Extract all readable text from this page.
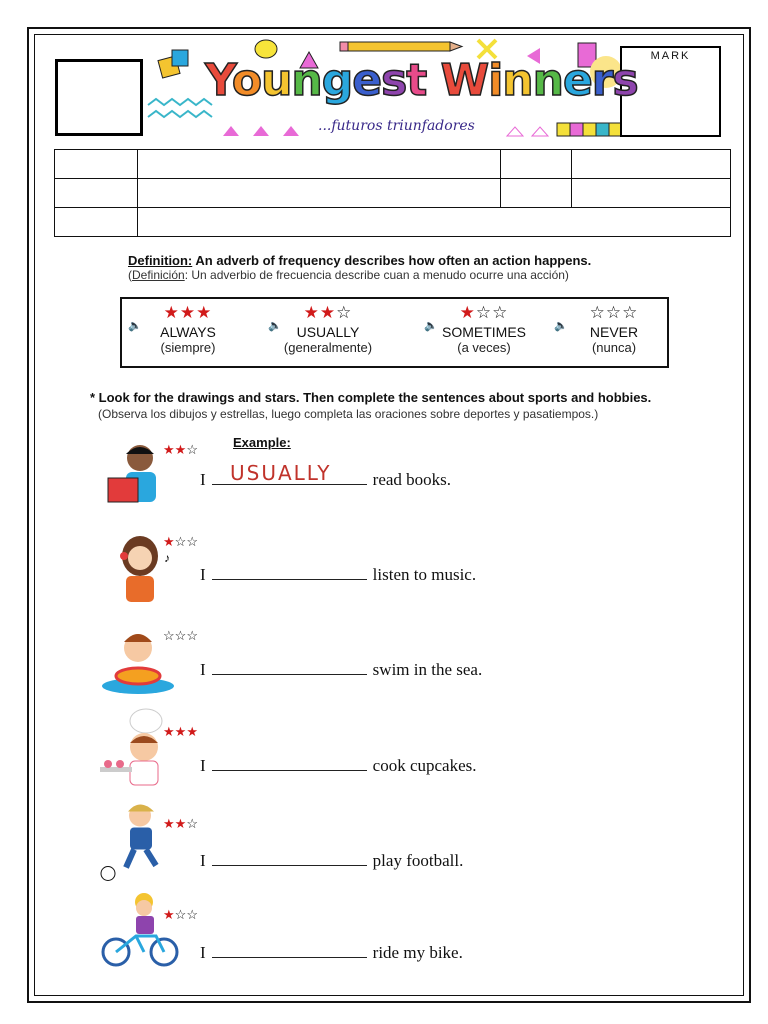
MARK
Youngest Winners
...futuros triunfadores

Definition: An adverb of frequency describes how often an action happens.
(Definición: Un adverbio de frecuencia describe cuan a menudo ocurre una acción)
🔈
★★★
ALWAYS
(siempre)
🔈
★★☆
USUALLY
(generalmente)
🔈
★☆☆
SOMETIMES
(a veces)
🔈
☆☆☆
NEVER
(nunca)
* Look for the drawings and stars. Then complete the sentences about sports and hobbies.
(Observa los dibujos y estrellas, luego completa las oraciones sobre deportes y pasatiempos.)
Example:
USUALLY
★★☆
I	read books.
♪
★☆☆
I	listen to music.
☆☆☆
I	swim in the sea.
★★★
I	cook cupcakes.
★★☆
I	play football.
★☆☆
I	ride my bike.
